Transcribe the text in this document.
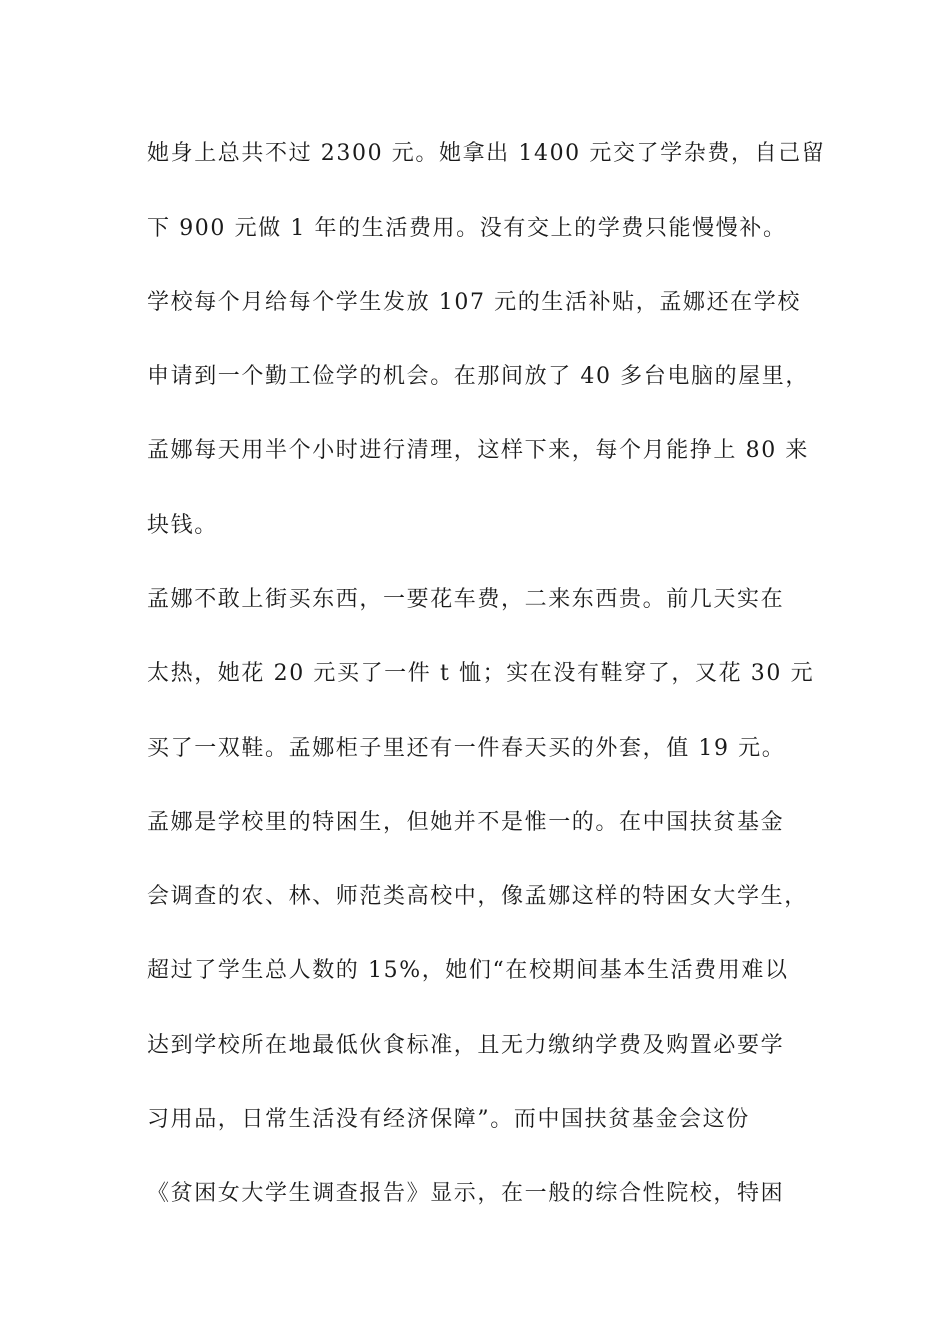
她身上总共不过 2300 元。她拿出 1400 元交了学杂费，自己留
下 900 元做 1 年的生活费用。没有交上的学费只能慢慢补。
学校每个月给每个学生发放 107 元的生活补贴，孟娜还在学校
申请到一个勤工俭学的机会。在那间放了 40 多台电脑的屋里，
孟娜每天用半个小时进行清理，这样下来，每个月能挣上 80 来
块钱。
孟娜不敢上街买东西，一要花车费，二来东西贵。前几天实在
太热，她花 20 元买了一件 t 恤；实在没有鞋穿了，又花 30 元
买了一双鞋。孟娜柜子里还有一件春天买的外套，值 19 元。
孟娜是学校里的特困生，但她并不是惟一的。在中国扶贫基金
会调查的农、林、师范类高校中，像孟娜这样的特困女大学生，
超过了学生总人数的 15%，她们“在校期间基本生活费用难以
达到学校所在地最低伙食标准，且无力缴纳学费及购置必要学
习用品，日常生活没有经济保障”。而中国扶贫基金会这份
《贫困女大学生调查报告》显示，在一般的综合性院校，特困
